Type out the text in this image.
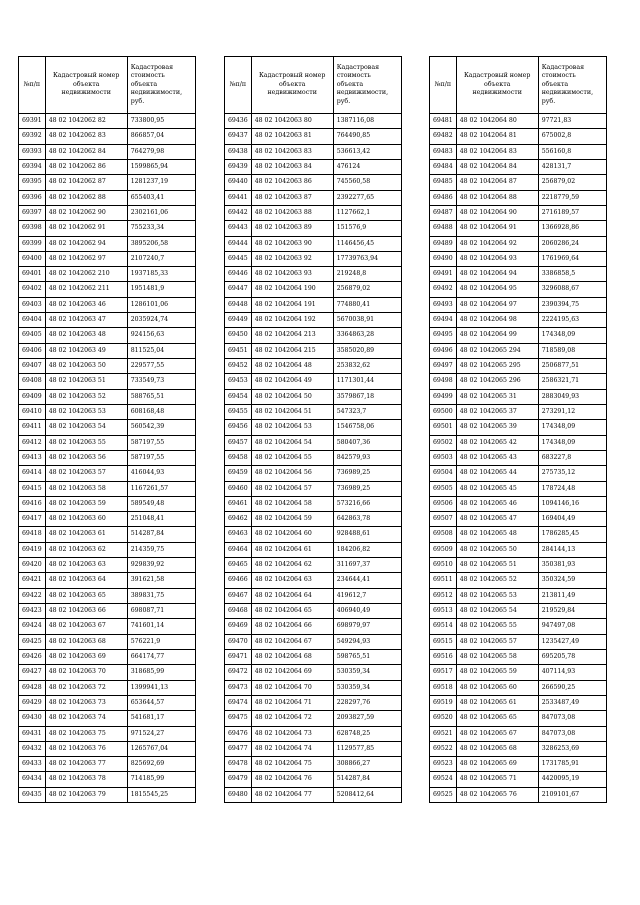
№п/п	Кадастровый номер объекта недвижимости	Кадастровая стоимость объекта недвижимости, руб.
69391	48 02 1042062 82	733800,95
69392	48 02 1042062 83	866857,04
69393	48 02 1042062 84	764279,98
69394	48 02 1042062 86	1599865,94
69395	48 02 1042062 87	1281237,19
69396	48 02 1042062 88	655403,41
69397	48 02 1042062 90	2302161,06
69398	48 02 1042062 91	755233,34
69399	48 02 1042062 94	3895206,58
69400	48 02 1042062 97	2107240,7
69401	48 02 1042062 210	1937185,33
69402	48 02 1042062 211	1951481,9
69403	48 02 1042063 46	1286101,06
69404	48 02 1042063 47	2035924,74
69405	48 02 1042063 48	924156,63
69406	48 02 1042063 49	811525,04
69407	48 02 1042063 50	229577,55
69408	48 02 1042063 51	733549,73
69409	48 02 1042063 52	588765,51
69410	48 02 1042063 53	608168,48
69411	48 02 1042063 54	560542,39
69412	48 02 1042063 55	587197,55
69413	48 02 1042063 56	587197,55
69414	48 02 1042063 57	416044,93
69415	48 02 1042063 58	1167261,57
69416	48 02 1042063 59	589549,48
69417	48 02 1042063 60	251048,41
69418	48 02 1042063 61	514287,84
69419	48 02 1042063 62	214359,75
69420	48 02 1042063 63	929839,92
69421	48 02 1042063 64	391621,58
69422	48 02 1042063 65	389831,75
69423	48 02 1042063 66	698087,71
69424	48 02 1042063 67	741601,14
69425	48 02 1042063 68	576221,9
69426	48 02 1042063 69	664174,77
69427	48 02 1042063 70	318685,99
69428	48 02 1042063 72	1399941,13
69429	48 02 1042063 73	653644,57
69430	48 02 1042063 74	541681,17
69431	48 02 1042063 75	971524,27
69432	48 02 1042063 76	1265767,04
69433	48 02 1042063 77	825692,69
69434	48 02 1042063 78	714185,99
69435	48 02 1042063 79	1815545,25
№п/п	Кадастровый номер объекта недвижимости	Кадастровая стоимость объекта недвижимости, руб.
69436	48 02 1042063 80	1387116,08
69437	48 02 1042063 81	764490,85
69438	48 02 1042063 83	536613,42
69439	48 02 1042063 84	476124
69440	48 02 1042063 86	745560,58
69441	48 02 1042063 87	2392277,65
69442	48 02 1042063 88	1127662,1
69443	48 02 1042063 89	151576,9
69444	48 02 1042063 90	1146456,45
69445	48 02 1042063 92	17739763,94
69446	48 02 1042063 93	219248,8
69447	48 02 1042064 190	256879,02
69448	48 02 1042064 191	774880,41
69449	48 02 1042064 192	5670038,91
69450	48 02 1042064 213	3364863,28
69451	48 02 1042064 215	3585020,89
69452	48 02 1042064 48	253832,62
69453	48 02 1042064 49	1171301,44
69454	48 02 1042064 50	3579867,18
69455	48 02 1042064 51	547323,7
69456	48 02 1042064 53	1546758,06
69457	48 02 1042064 54	580407,36
69458	48 02 1042064 55	842579,93
69459	48 02 1042064 56	736989,25
69460	48 02 1042064 57	736989,25
69461	48 02 1042064 58	573216,66
69462	48 02 1042064 59	642863,78
69463	48 02 1042064 60	928488,61
69464	48 02 1042064 61	184206,82
69465	48 02 1042064 62	311697,37
69466	48 02 1042064 63	234644,41
69467	48 02 1042064 64	419612,7
69468	48 02 1042064 65	406940,49
69469	48 02 1042064 66	698979,97
69470	48 02 1042064 67	549294,93
69471	48 02 1042064 68	598765,51
69472	48 02 1042064 69	530359,34
69473	48 02 1042064 70	530359,34
69474	48 02 1042064 71	228297,76
69475	48 02 1042064 72	2093827,59
69476	48 02 1042064 73	628748,25
69477	48 02 1042064 74	1129577,85
69478	48 02 1042064 75	308866,27
69479	48 02 1042064 76	514287,84
69480	48 02 1042064 77	5208412,64
№п/п	Кадастровый номер объекта недвижимости	Кадастровая стоимость объекта недвижимости, руб.
69481	48 02 1042064 80	97721,83
69482	48 02 1042064 81	675002,8
69483	48 02 1042064 83	556160,8
69484	48 02 1042064 84	428131,7
69485	48 02 1042064 87	256879,02
69486	48 02 1042064 88	2218779,59
69487	48 02 1042064 90	2716189,57
69488	48 02 1042064 91	1366928,86
69489	48 02 1042064 92	2060286,24
69490	48 02 1042064 93	1761969,64
69491	48 02 1042064 94	3386858,5
69492	48 02 1042064 95	3296088,67
69493	48 02 1042064 97	2390394,75
69494	48 02 1042064 98	2224195,63
69495	48 02 1042064 99	174348,09
69496	48 02 1042065 294	718589,08
69497	48 02 1042065 295	2506877,51
69498	48 02 1042065 296	2586321,71
69499	48 02 1042065 31	2883049,93
69500	48 02 1042065 37	273291,12
69501	48 02 1042065 39	174348,09
69502	48 02 1042065 42	174348,09
69503	48 02 1042065 43	683227,8
69504	48 02 1042065 44	275735,12
69505	48 02 1042065 45	178724,48
69506	48 02 1042065 46	1094146,16
69507	48 02 1042065 47	169404,49
69508	48 02 1042065 48	1786285,45
69509	48 02 1042065 50	284144,13
69510	48 02 1042065 51	350381,93
69511	48 02 1042065 52	350324,59
69512	48 02 1042065 53	213811,49
69513	48 02 1042065 54	219529,84
69514	48 02 1042065 55	947497,08
69515	48 02 1042065 57	1235427,49
69516	48 02 1042065 58	695205,78
69517	48 02 1042065 59	407114,93
69518	48 02 1042065 60	266590,25
69519	48 02 1042065 61	2533487,49
69520	48 02 1042065 65	847073,08
69521	48 02 1042065 67	847073,08
69522	48 02 1042065 68	3286253,69
69523	48 02 1042065 69	1731785,91
69524	48 02 1042065 71	4420095,19
69525	48 02 1042065 76	2109101,67
